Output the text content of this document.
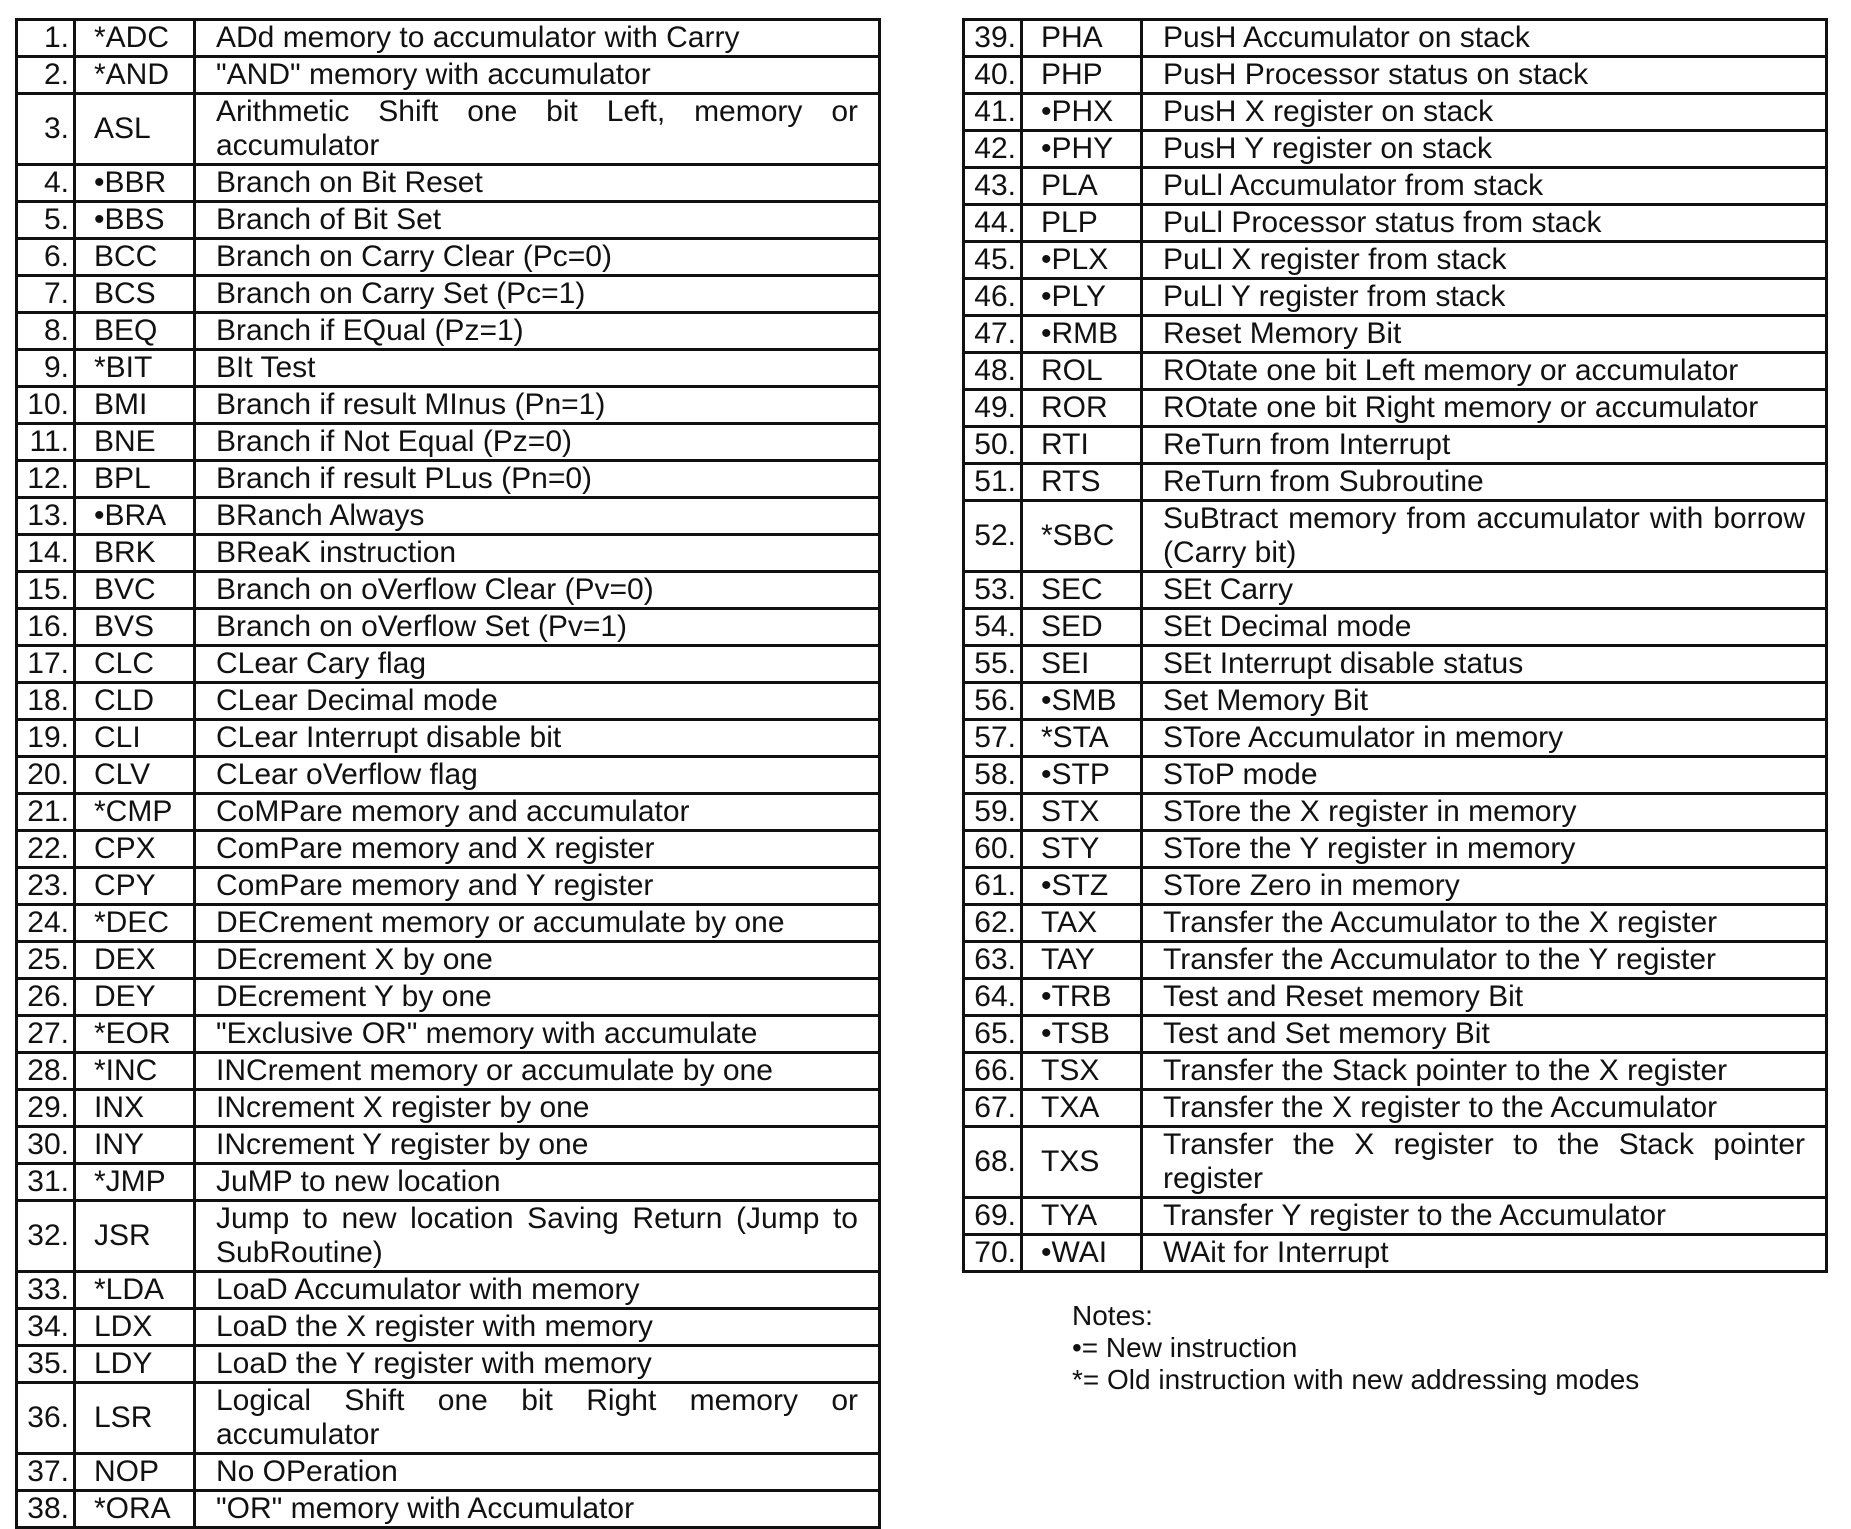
1.	*ADC	ADd memory to accumulator with Carry
2.	*AND	"AND" memory with accumulator
3.	ASL	Arithmetic Shift one bit Left, memory or accumulator
4.	•BBR	Branch on Bit Reset
5.	•BBS	Branch of Bit Set
6.	BCC	Branch on Carry Clear (Pc=0)
7.	BCS	Branch on Carry Set (Pc=1)
8.	BEQ	Branch if EQual (Pz=1)
9.	*BIT	BIt Test
10.	BMI	Branch if result MInus (Pn=1)
11.	BNE	Branch if Not Equal (Pz=0)
12.	BPL	Branch if result PLus (Pn=0)
13.	•BRA	BRanch Always
14.	BRK	BReaK instruction
15.	BVC	Branch on oVerflow Clear (Pv=0)
16.	BVS	Branch on oVerflow Set (Pv=1)
17.	CLC	CLear Cary flag
18.	CLD	CLear Decimal mode
19.	CLI	CLear Interrupt disable bit
20.	CLV	CLear oVerflow flag
21.	*CMP	CoMPare memory and accumulator
22.	CPX	ComPare memory and X register
23.	CPY	ComPare memory and Y register
24.	*DEC	DECrement memory or accumulate by one
25.	DEX	DEcrement X by one
26.	DEY	DEcrement Y by one
27.	*EOR	"Exclusive OR" memory with accumulate
28.	*INC	INCrement memory or accumulate by one
29.	INX	INcrement X register by one
30.	INY	INcrement Y register by one
31.	*JMP	JuMP to new location
32.	JSR	Jump to new location Saving Return (Jump to SubRoutine)
33.	*LDA	LoaD Accumulator with memory
34.	LDX	LoaD the X register with memory
35.	LDY	LoaD the Y register with memory
36.	LSR	Logical Shift one bit Right memory or accumulator
37.	NOP	No OPeration
38.	*ORA	"OR" memory with Accumulator
39.	PHA	PusH Accumulator on stack
40.	PHP	PusH Processor status on stack
41.	•PHX	PusH X register on stack
42.	•PHY	PusH Y register on stack
43.	PLA	PuLl Accumulator from stack
44.	PLP	PuLl Processor status from stack
45.	•PLX	PuLl X register from stack
46.	•PLY	PuLl Y register from stack
47.	•RMB	Reset Memory Bit
48.	ROL	ROtate one bit Left memory or accumulator
49.	ROR	ROtate one bit Right memory or accumulator
50.	RTI	ReTurn from Interrupt
51.	RTS	ReTurn from Subroutine
52.	*SBC	SuBtract memory from accumulator with borrow (Carry bit)
53.	SEC	SEt Carry
54.	SED	SEt Decimal mode
55.	SEI	SEt Interrupt disable status
56.	•SMB	Set Memory Bit
57.	*STA	STore Accumulator in memory
58.	•STP	SToP mode
59.	STX	STore the X register in memory
60.	STY	STore the Y register in memory
61.	•STZ	STore Zero in memory
62.	TAX	Transfer the Accumulator to the X register
63.	TAY	Transfer the Accumulator to the Y register
64.	•TRB	Test and Reset memory Bit
65.	•TSB	Test and Set memory Bit
66.	TSX	Transfer the Stack pointer to the X register
67.	TXA	Transfer the X register to the Accumulator
68.	TXS	Transfer the X register to the Stack pointer register
69.	TYA	Transfer Y register to the Accumulator
70.	•WAI	WAit for Interrupt
Notes:
•= New instruction
*= Old instruction with new addressing modes
